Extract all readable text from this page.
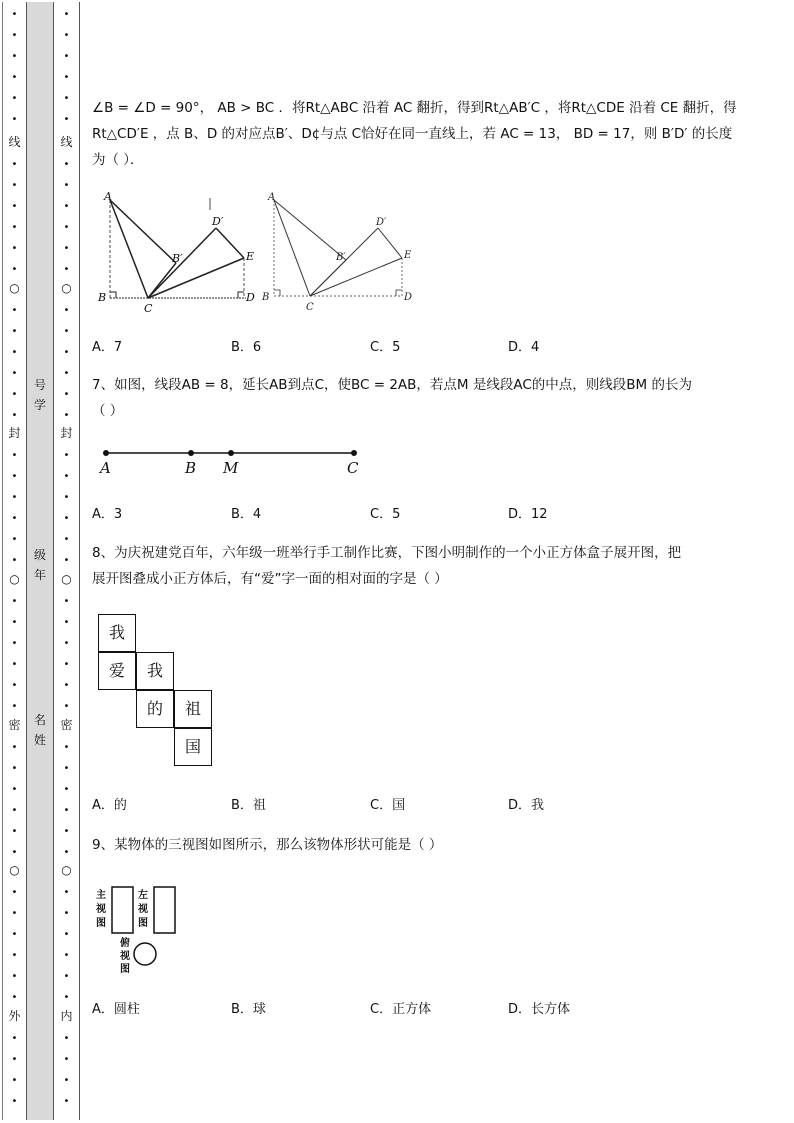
•
•
•
•
•
•
线
•
•
•
•
•
•
○
•
•
•
•
•
•
封
•
•
•
•
•
•
○
•
•
•
•
•
•
密
•
•
•
•
•
•
○
•
•
•
•
•
•
外
•
•
•
•
号
学
级
年
名
姓
•
•
•
•
•
•
线
•
•
•
•
•
•
○
•
•
•
•
•
•
封
•
•
•
•
•
•
○
•
•
•
•
•
•
密
•
•
•
•
•
•
○
•
•
•
•
•
•
内
•
•
•
•
∠B = ∠D = 90°， AB > BC ．将Rt△ABC 沿着 AC 翻折，得到Rt△AB′C ，将Rt△CDE 沿着 CE 翻折，得
Rt△CD′E ，点 B、D 的对应点B′、D¢与点 C恰好在同一直线上，若 AC = 13， BD = 17，则 B′D′ 的长度
为（ ）．
A
B′
D′
E
B
C
D
A
B′
D′
E
B
C
D
A．7	B．6	C．5	D．4
7、如图，线段AB = 8，延长AB到点C，使BC = 2AB，若点M 是线段AC的中点，则线段BM 的长为
（ ）
A	B M	C
A．3	B．4	C．5	D．12
8、为庆祝建党百年，六年级一班举行手工制作比赛，下图小明制作的一个小正方体盒子展开图，把
展开图叠成小正方体后，有“爱”字一面的相对面的字是（ ）
我
爱	我
的	祖
国
A．的	B．祖	C．国	D．我
9、某物体的三视图如图所示，那么该物体形状可能是（ ）
主
视
图
左
视
图
俯
视
图
A．圆柱	B．球	C．正方体	D．长方体
